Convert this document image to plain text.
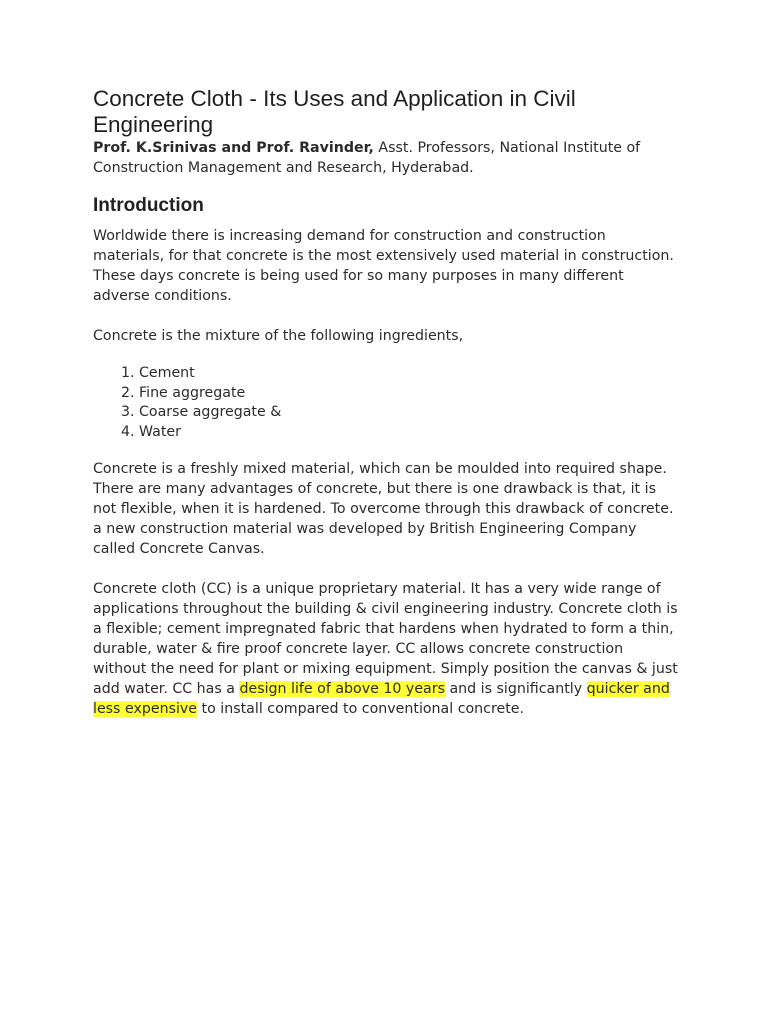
Concrete Cloth - Its Uses and Application in Civil Engineering

Prof. K.Srinivas and Prof. Ravinder, Asst. Professors, National Institute of Construction Management and Research, Hyderabad.

Introduction

Worldwide there is increasing demand for construction and construction materials, for that concrete is the most extensively used material in construction. These days concrete is being used for so many purposes in many different adverse conditions.

Concrete is the mixture of the following ingredients,

1. Cement
2. Fine aggregate
3. Coarse aggregate &
4. Water

Concrete is a freshly mixed material, which can be moulded into required shape. There are many advantages of concrete, but there is one drawback is that, it is not flexible, when it is hardened. To overcome through this drawback of concrete. a new construction material was developed by British Engineering Company called Concrete Canvas.

Concrete cloth (CC) is a unique proprietary material. It has a very wide range of applications throughout the building & civil engineering industry. Concrete cloth is a flexible; cement impregnated fabric that hardens when hydrated to form a thin, durable, water & fire proof concrete layer. CC allows concrete construction without the need for plant or mixing equipment. Simply position the canvas & just add water. CC has a design life of above 10 years and is significantly quicker and less expensive to install compared to conventional concrete.
